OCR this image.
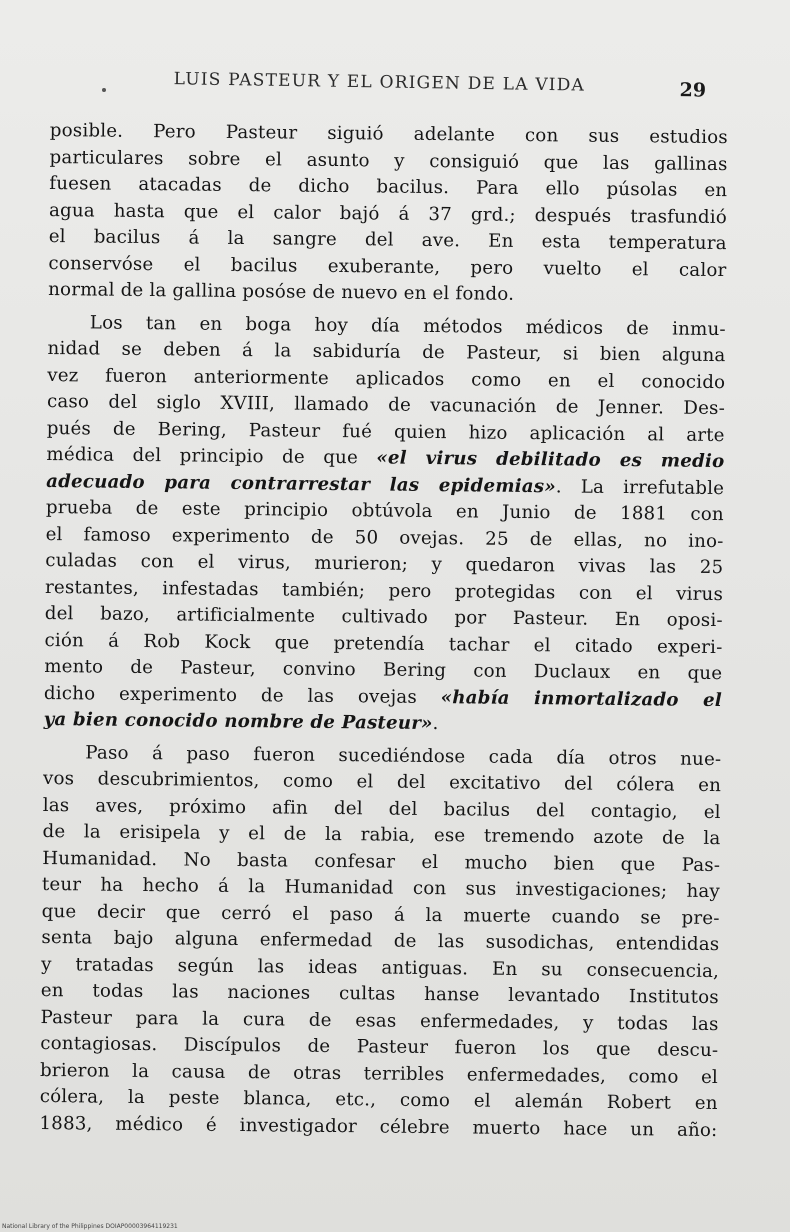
LUIS PASTEUR Y EL ORIGEN DE LA VIDA	29
posible. Pero Pasteur siguió adelante con sus estudios
particulares sobre el asunto y consiguió que las gallinas
fuesen atacadas de dicho bacilus. Para ello púsolas en
agua hasta que el calor bajó á 37 grd.; después trasfundió
el bacilus á la sangre del ave. En esta temperatura
conservóse el bacilus exuberante, pero vuelto el calor
normal de la gallina posóse de nuevo en el fondo.
Los tan en boga hoy día métodos médicos de inmu-
nidad se deben á la sabiduría de Pasteur, si bien alguna
vez fueron anteriormente aplicados como en el conocido
caso del siglo XVIII, llamado de vacunación de Jenner. Des-
pués de Bering, Pasteur fué quien hizo aplicación al arte
médica del principio de que «el virus debilitado es medio
adecuado para contrarrestar las epidemias». La irrefutable
prueba de este principio obtúvola en Junio de 1881 con
el famoso experimento de 50 ovejas. 25 de ellas, no ino-
culadas con el virus, murieron; y quedaron vivas las 25
restantes, infestadas también; pero protegidas con el virus
del bazo, artificialmente cultivado por Pasteur. En oposi-
ción á Rob Kock que pretendía tachar el citado experi-
mento de Pasteur, convino Bering con Duclaux en que
dicho experimento de las ovejas «había inmortalizado el
ya bien conocido nombre de Pasteur».
Paso á paso fueron sucediéndose cada día otros nue-
vos descubrimientos, como el del excitativo del cólera en
las aves, próximo afin del del bacilus del contagio, el
de la erisipela y el de la rabia, ese tremendo azote de la
Humanidad. No basta confesar el mucho bien que Pas-
teur ha hecho á la Humanidad con sus investigaciones; hay
que decir que cerró el paso á la muerte cuando se pre-
senta bajo alguna enfermedad de las susodichas, entendidas
y tratadas según las ideas antiguas. En su consecuencia,
en todas las naciones cultas hanse levantado Institutos
Pasteur para la cura de esas enfermedades, y todas las
contagiosas. Discípulos de Pasteur fueron los que descu-
brieron la causa de otras terribles enfermedades, como el
cólera, la peste blanca, etc., como el alemán Robert en
1883, médico é investigador célebre muerto hace un año:
National Library of the Philippines DOIAP00003964119231
